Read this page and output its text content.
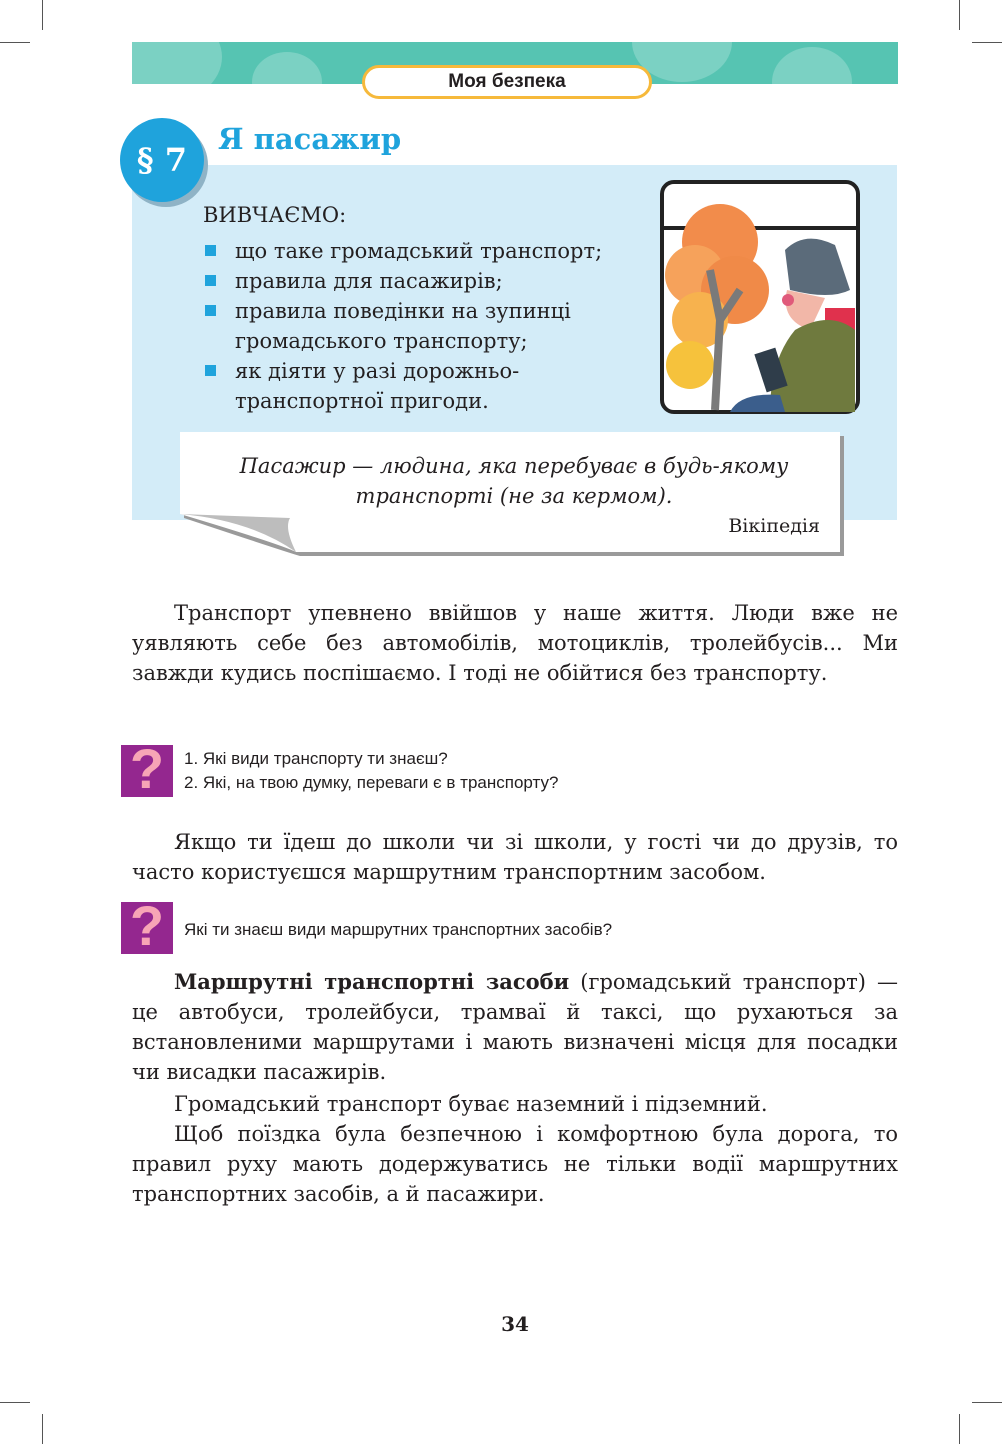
Моя безпека
§ 7
Я пасажир
ВИВЧАЄМО:
що таке громадський транспорт;
правила для пасажирів;
правила поведінки на зупинці громадського транспорту;
як діяти у разі дорожньо-транспортної пригоди.
Пасажир — людина, яка перебуває в будь-якому транспорті (не за кермом).
Вікіпедія

Транспорт упевнено ввійшов у наше життя. Люди вже не уявляють себе без автомобілів, мотоциклів, тролейбусів... Ми завжди кудись поспішаємо. І тоді не обійтися без транспорту.

?	1. Які види транспорту ти знаєш?
2. Які, на твою думку, переваги є в транспорту?

Якщо ти їдеш до школи чи зі школи, у гості чи до друзів, то часто користуєшся маршрутним транспортним засобом.

?	Які ти знаєш види маршрутних транспортних засобів?

Маршрутні транспортні засоби (громадський транспорт) — це автобуси, тролейбуси, трамваї й таксі, що рухаються за встановленими маршрутами і мають визначені місця для посадки чи висадки пасажирів.

Громадський транспорт буває наземний і підземний.

Щоб поїздка була безпечною і комфортною була дорога, то правил руху мають додержуватись не тільки водії маршрутних транспортних засобів, а й пасажири.

34
